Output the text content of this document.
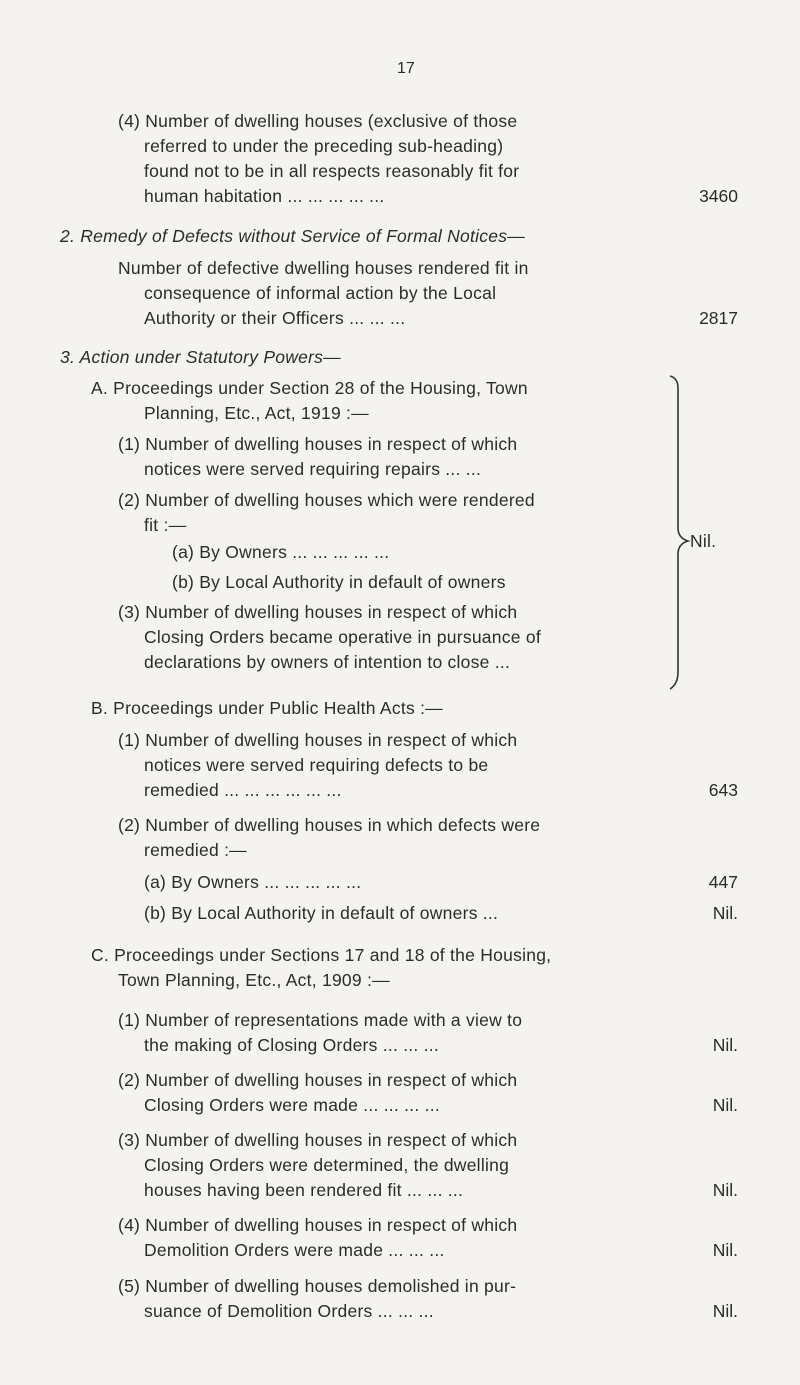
17
(4) Number of dwelling houses (exclusive of those
referred to under the preceding sub-heading)
found not to be in all respects reasonably fit for
human habitation ... ... ... ... ...	3460
2. Remedy of Defects without Service of Formal Notices—
Number of defective dwelling houses rendered fit in
consequence of informal action by the Local
Authority or their Officers ... ... ...	2817
3. Action under Statutory Powers—
A. Proceedings under Section 28 of the Housing, Town
Planning, Etc., Act, 1919 :—
(1) Number of dwelling houses in respect of which
notices were served requiring repairs ... ...
(2) Number of dwelling houses which were rendered
fit :—
(a) By Owners ... ... ... ... ...
(b) By Local Authority in default of owners
(3) Number of dwelling houses in respect of which
Closing Orders became operative in pursuance of
declarations by owners of intention to close ...
Nil.
B. Proceedings under Public Health Acts :—
(1) Number of dwelling houses in respect of which
notices were served requiring defects to be
remedied ... ... ... ... ... ...	643
(2) Number of dwelling houses in which defects were
remedied :—
(a) By Owners ... ... ... ... ...	447
(b) By Local Authority in default of owners ...	Nil.
C. Proceedings under Sections 17 and 18 of the Housing,
Town Planning, Etc., Act, 1909 :—
(1) Number of representations made with a view to
the making of Closing Orders ... ... ...	Nil.
(2) Number of dwelling houses in respect of which
Closing Orders were made ... ... ... ...	Nil.
(3) Number of dwelling houses in respect of which
Closing Orders were determined, the dwelling
houses having been rendered fit ... ... ...	Nil.
(4) Number of dwelling houses in respect of which
Demolition Orders were made ... ... ...	Nil.
(5) Number of dwelling houses demolished in pur-
suance of Demolition Orders ... ... ...	Nil.
